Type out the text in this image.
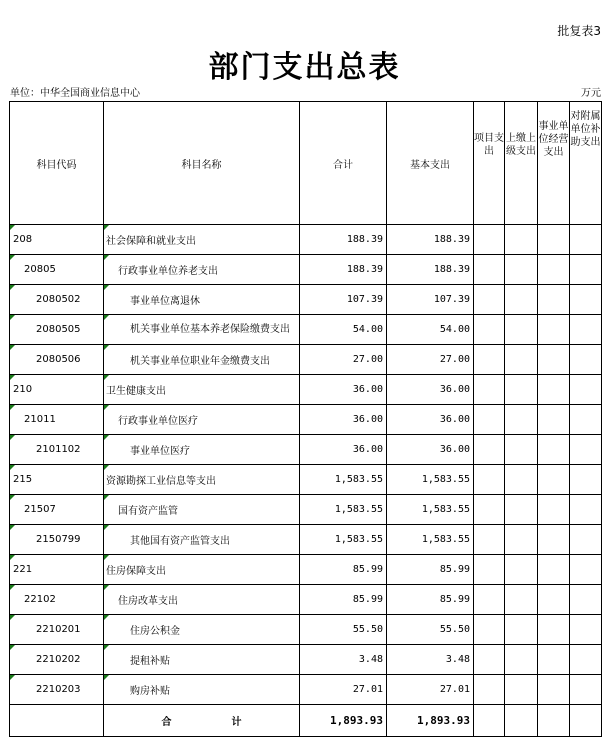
批复表3
部门支出总表
单位：中华全国商业信息中心	万元
科目代码	科目名称	合计	基本支出	项目支出	上缴上级支出	事业单位经营支出	对附属单位补助支出
208	社会保障和就业支出	188.39	188.39				
20805	行政事业单位养老支出	188.39	188.39				
2080502	事业单位离退休	107.39	107.39				
2080505	机关事业单位基本养老保险缴费支出	54.00	54.00				
2080506	机关事业单位职业年金缴费支出	27.00	27.00				
210	卫生健康支出	36.00	36.00				
21011	行政事业单位医疗	36.00	36.00				
2101102	事业单位医疗	36.00	36.00				
215	资源勘探工业信息等支出	1,583.55	1,583.55				
21507	国有资产监管	1,583.55	1,583.55				
2150799	其他国有资产监管支出	1,583.55	1,583.55				
221	住房保障支出	85.99	85.99				
22102	住房改革支出	85.99	85.99				
2210201	住房公积金	55.50	55.50				
2210202	提租补贴	3.48	3.48				
2210203	购房补贴	27.01	27.01				
	合 计	1,893.93	1,893.93				
